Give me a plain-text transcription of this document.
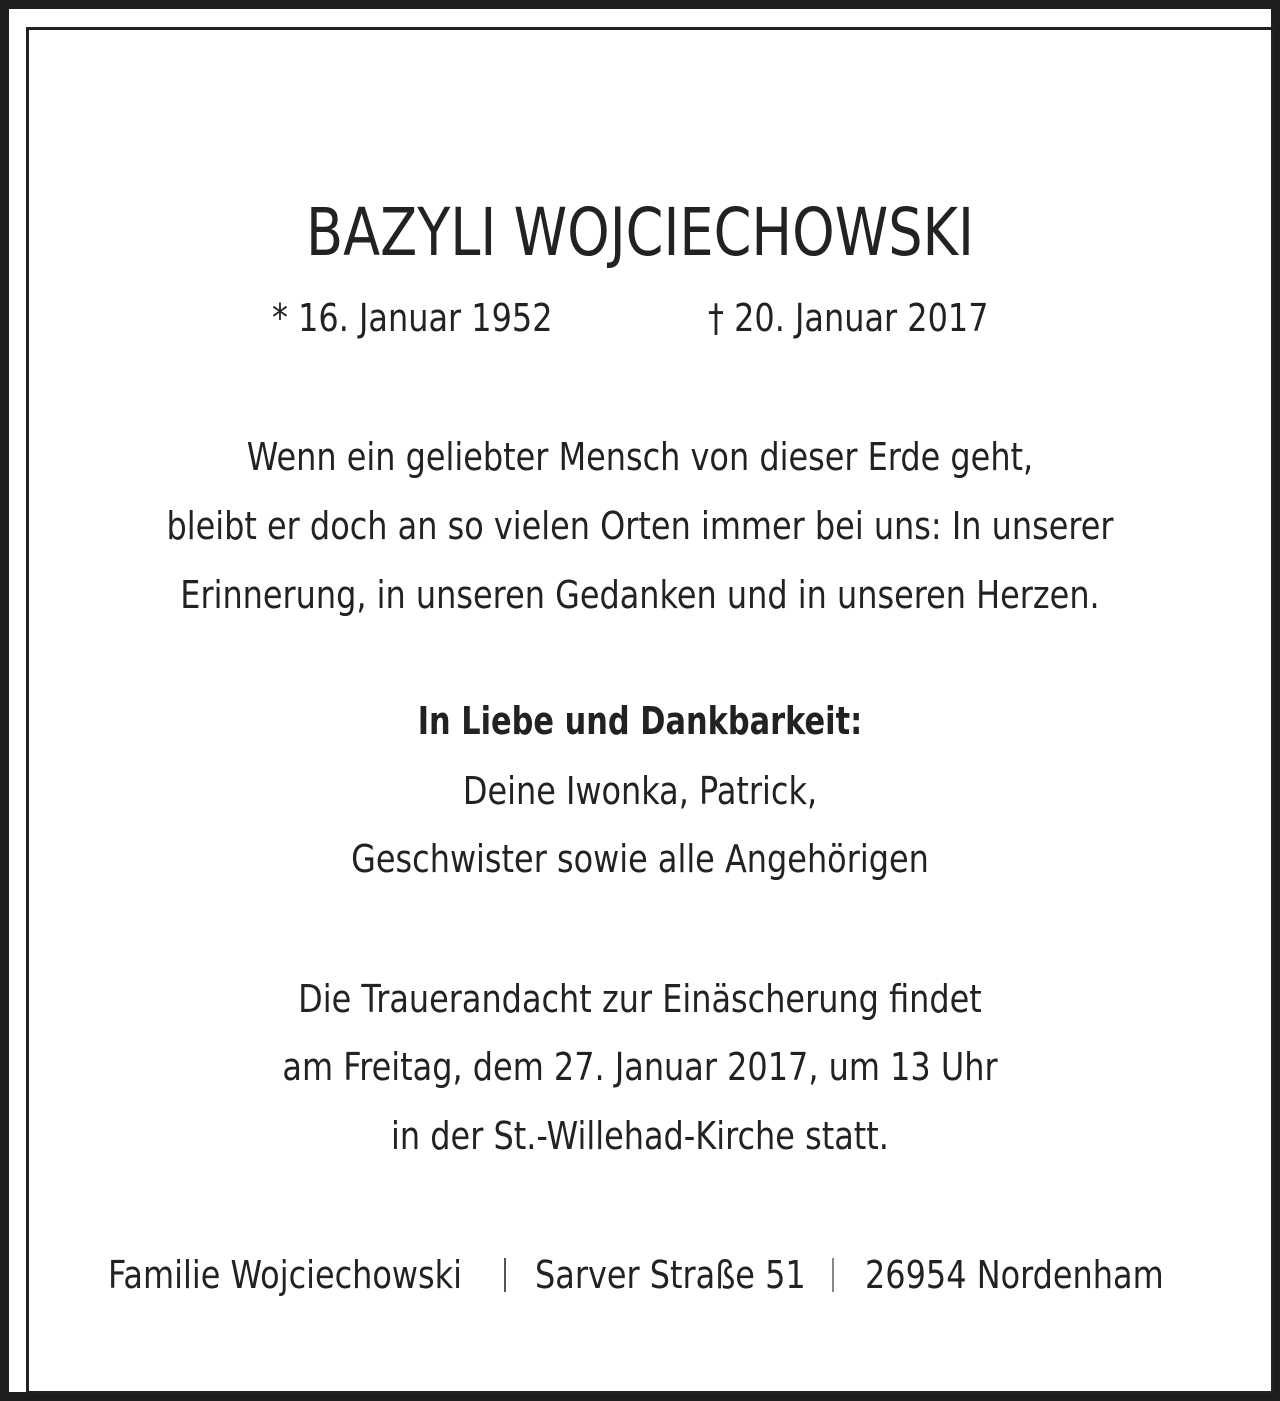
BAZYLI WOJCIECHOWSKI
* 16. Januar 1952	† 20. Januar 2017
Wenn ein geliebter Mensch von dieser Erde geht,
bleibt er doch an so vielen Orten immer bei uns: In unserer
Erinnerung, in unseren Gedanken und in unseren Herzen.
In Liebe und Dankbarkeit:
Deine Iwonka, Patrick,
Geschwister sowie alle Angehörigen
Die Trauerandacht zur Einäscherung findet
am Freitag, dem 27. Januar 2017, um 13 Uhr
in der St.-Willehad-Kirche statt.
Familie Wojciechowski Sarver Straße 51 26954 Nordenham
